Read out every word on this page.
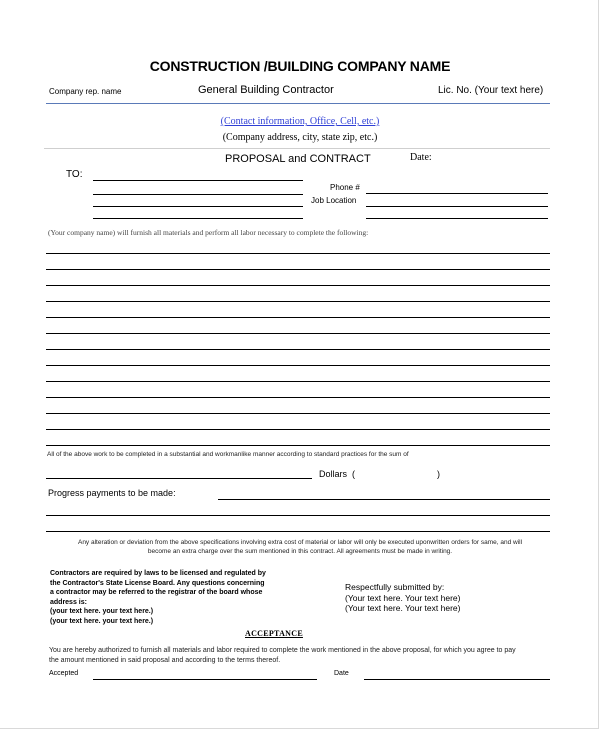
CONSTRUCTION /BUILDING COMPANY NAME
Company rep. name	General Building Contractor	Lic. No. (Your text here)
(Contact information, Office, Cell, etc.)
(Company address, city, state zip, etc.)
PROPOSAL and CONTRACT	Date:
TO:
Phone #
Job Location
(Your company name) will furnish all materials and perform all labor necessary to complete the following:
All of the above work to be completed in a substantial and workmanlike manner according to standard practices for the sum of
Dollars (	)
Progress payments to be made:
Any alteration or deviation from the above specifications involving extra cost of material or labor will only be executed uponwritten orders for same, and will
become an extra charge over the sum mentioned in this contract. All agreements must be made in writing.
Contractors are required by laws to be licensed and regulated by
the Contractor's State License Board. Any questions concerning
a contractor may be referred to the registrar of the board whose
address is:
(your text here. your text here.)
(your text here. your text here.)
Respectfully submitted by:
(Your text here. Your text here)
(Your text here. Your text here)
ACCEPTANCE
You are hereby authorized to furnish all materials and labor required to complete the work mentioned in the above proposal, for which you agree to pay
the amount mentioned in said proposal and according to the terms thereof.
Accepted	Date
